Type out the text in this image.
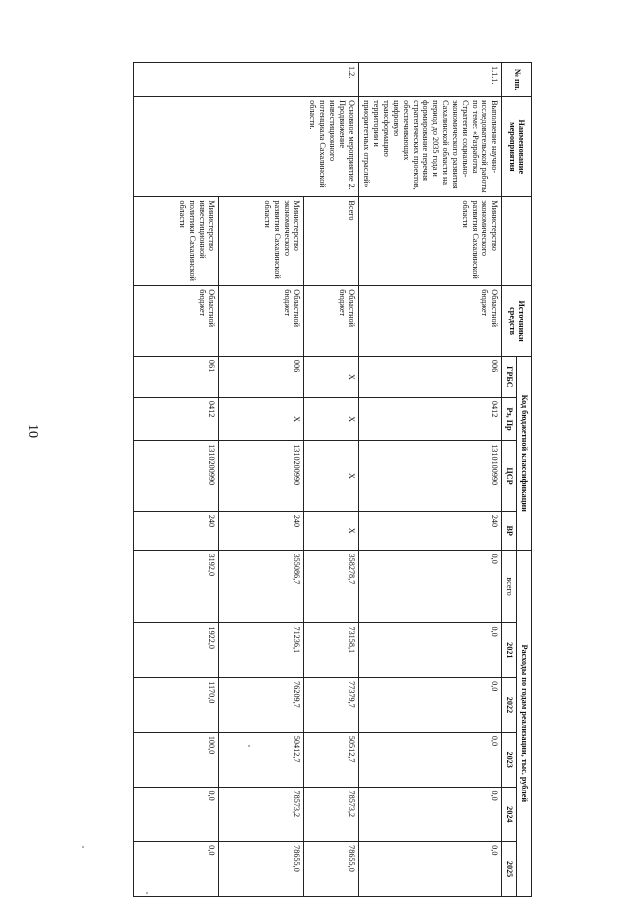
10
№ пп.	Наименование мероприятия		Источники средств	Код бюджетной классификации				Расходы по годам реализации, тыс. рублей					
				ГРБС	Рз, Пр	ЦСР	ВР	всего	2021	2022	2023	2024	2025
1.1.1.	Выполнение научно-исследовательской работы по теме: «Разработка Стратегии социально-экономического развития Сахалинской области на период до 2035 года и формирование перечня стратегических проектов, обеспечивающих цифровую трансформацию территории и приоритетных отраслей»	Министерство экономического развития Сахалинской области	Областной бюджет	006	0412	1310100990	240	0,0	0,0	0,0	0,0	0,0	0,0
1.2.	Основное мероприятие 2. Продвижение инвестиционного потенциала Сахалинской области.	Всего	Областной бюджет	X	X	X	X	358278,7	73158,1	77379,7	50512,7	78573,2	78655,0
		Министерство экономического развития Сахалинской области	Областной бюджет	006	X	1310200990	240	355086,7	71236,1	76209,7	50412,7	78573,2	78655,0
		Министерство инвестиционной политики Сахалинской области	Областной бюджет	061	0412	1310200990	240	3192,0	1922,0	1170,0	100,0	0,0	0,0
